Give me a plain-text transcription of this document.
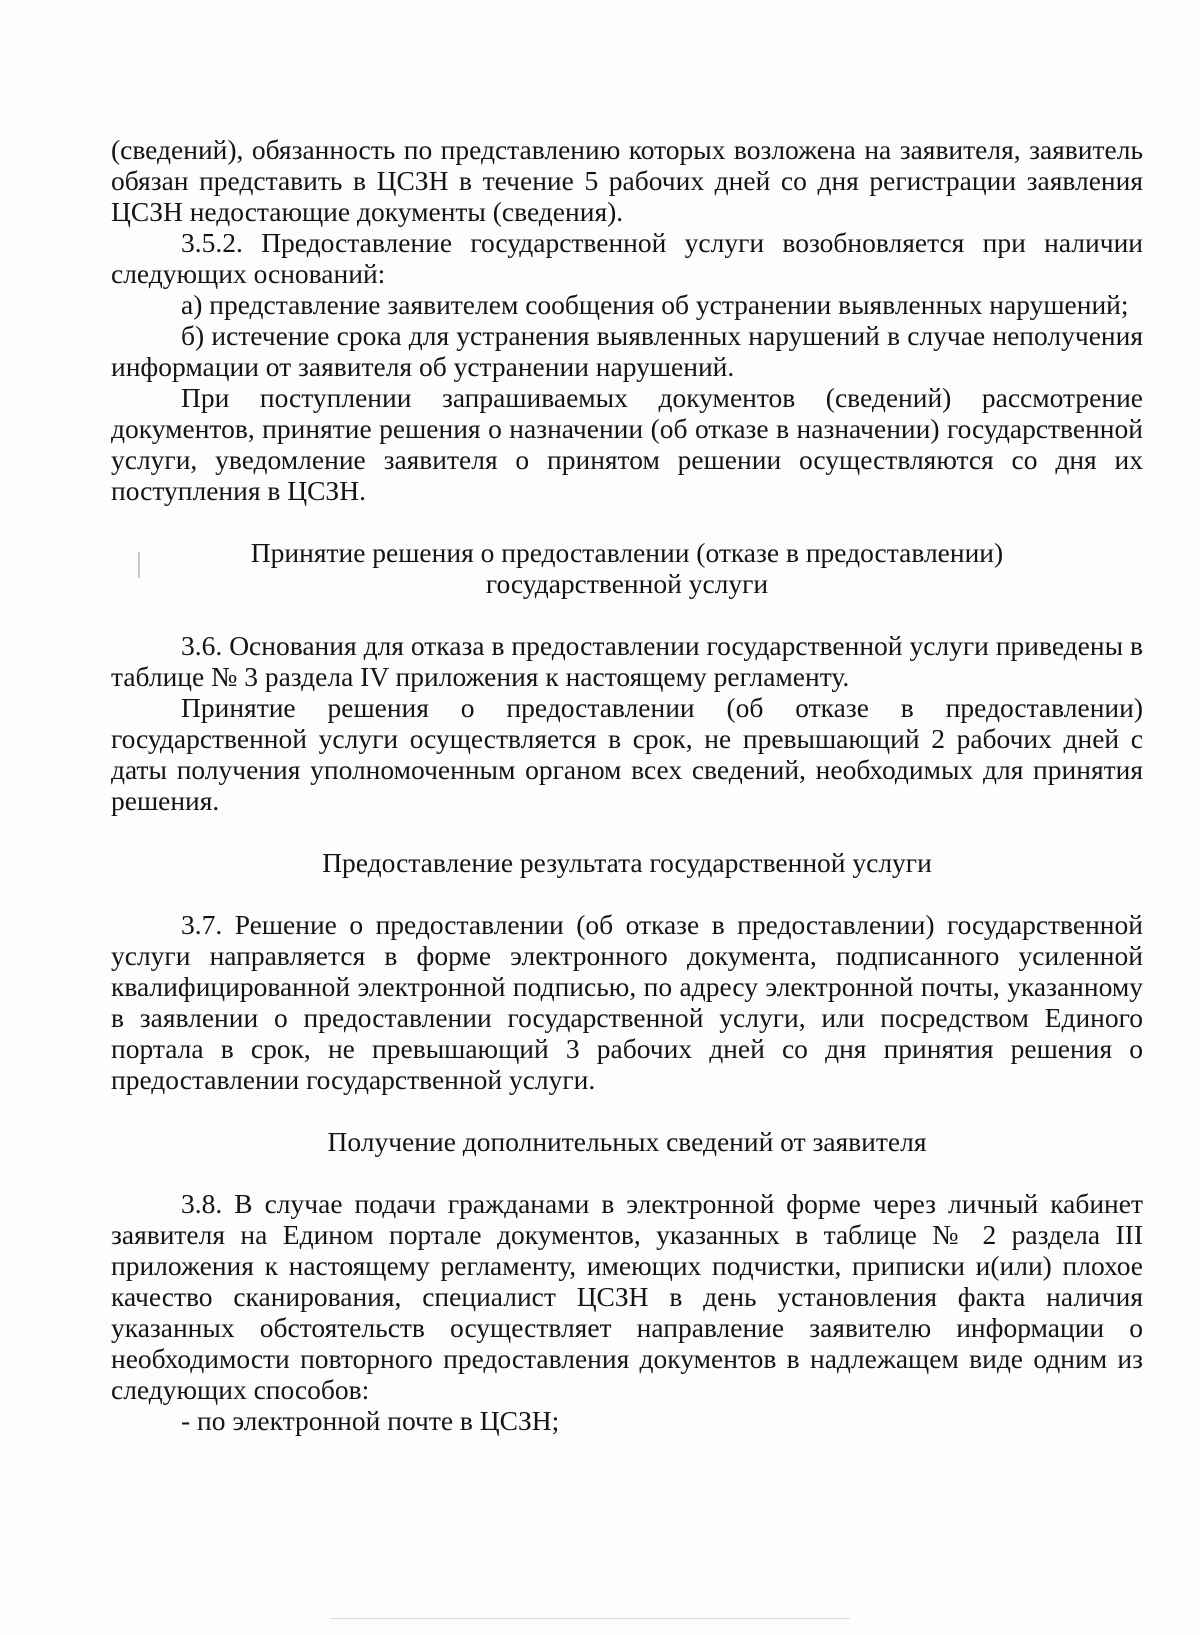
(сведений), обязанность по представлению которых возложена на заявителя, заявитель обязан представить в ЦСЗН в течение 5 рабочих дней со дня регистрации заявления ЦСЗН недостающие документы (сведения).

3.5.2. Предоставление государственной услуги возобновляется при наличии следующих оснований:

а) представление заявителем сообщения об устранении выявленных нарушений;

б) истечение срока для устранения выявленных нарушений в случае неполучения информации от заявителя об устранении нарушений.

При поступлении запрашиваемых документов (сведений) рассмотрение документов, принятие решения о назначении (об отказе в назначении) государственной услуги, уведомление заявителя о принятом решении осуществляются со дня их поступления в ЦСЗН.

Принятие решения о предоставлении (отказе в предоставлении)
государственной услуги

3.6. Основания для отказа в предоставлении государственной услуги приведены в таблице № 3 раздела IV приложения к настоящему регламенту.

Принятие решения о предоставлении (об отказе в предоставлении) государственной услуги осуществляется в срок, не превышающий 2 рабочих дней с даты получения уполномоченным органом всех сведений, необходимых для принятия решения.

Предоставление результата государственной услуги

3.7. Решение о предоставлении (об отказе в предоставлении) государственной услуги направляется в форме электронного документа, подписанного усиленной квалифицированной электронной подписью, по адресу электронной почты, указанному в заявлении о предоставлении государственной услуги, или посредством Единого портала в срок, не превышающий 3 рабочих дней со дня принятия решения о предоставлении государственной услуги.

Получение дополнительных сведений от заявителя

3.8. В случае подачи гражданами в электронной форме через личный кабинет заявителя на Едином портале документов, указанных в таблице № 2 раздела III приложения к настоящему регламенту, имеющих подчистки, приписки и(или) плохое качество сканирования, специалист ЦСЗН в день установления факта наличия указанных обстоятельств осуществляет направление заявителю информации о необходимости повторного предоставления документов в надлежащем виде одним из следующих способов:

- по электронной почте в ЦСЗН;
